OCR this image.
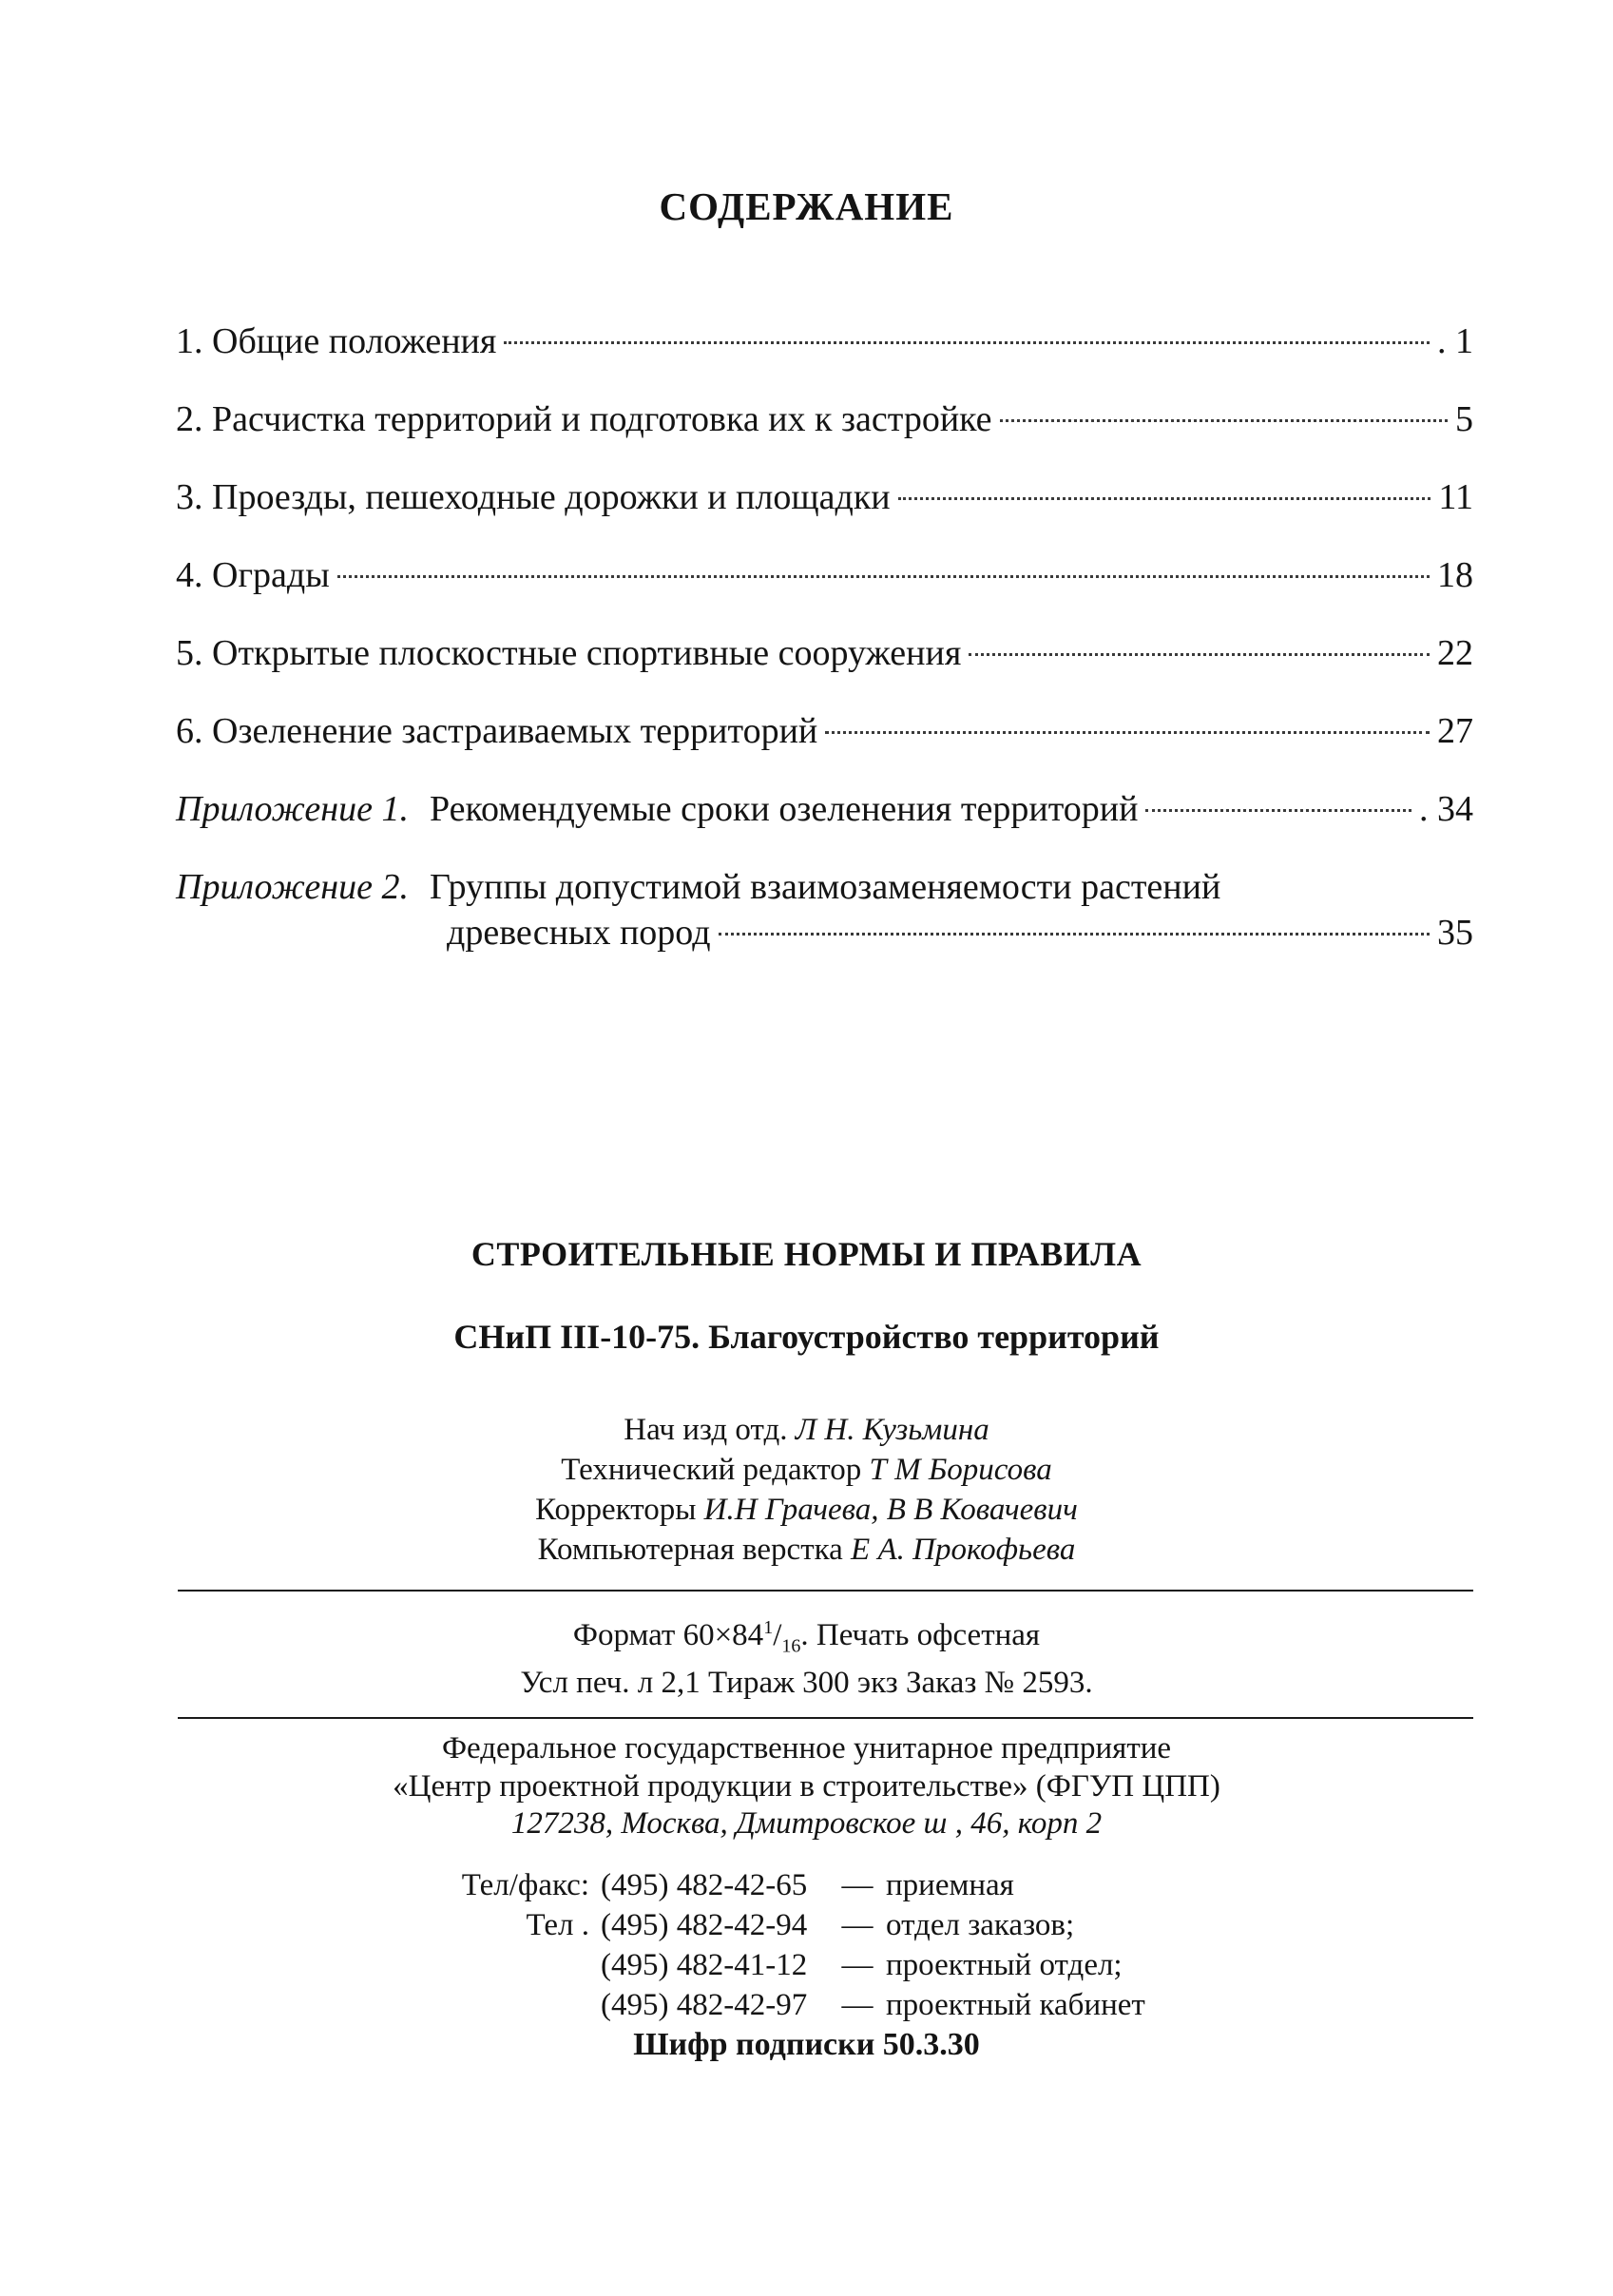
СОДЕРЖАНИЕ
1. Общие положения	. 1
2. Расчистка территорий и подготовка их к застройке	5
3. Проезды, пешеходные дорожки и площадки	11
4. Ограды	18
5. Открытые плоскостные спортивные сооружения	22
6. Озеленение застраиваемых территорий	27
Приложение 1. Рекомендуемые сроки озеленения территорий	. 34
Приложение 2. Группы допустимой взаимозаменяемости растений
древесных пород	35
СТРОИТЕЛЬНЫЕ НОРМЫ И ПРАВИЛА
СНиП III-10-75. Благоустройство территорий
Нач изд отд. Л Н. Кузьмина
Технический редактор Т М Борисова
Корректоры И.Н Грачева, В В Ковачевич
Компьютерная верстка Е А. Прокофьева
Формат $60\times 84^1/_{16}$. Печать офсетная
Усл печ. л 2,1 Тираж 300 экз Заказ № 2593.
Федеральное государственное унитарное предприятие
«Центр проектной продукции в строительстве» (ФГУП ЦПП)
127238, Москва, Дмитровское ш , 46, корп 2
Тел/факс: (495) 482-42-65	— приемная
Тел . (495) 482-42-94	— отдел заказов;
(495) 482-41-12	— проектный отдел;
(495) 482-42-97	— проектный кабинет
Шифр подписки 50.3.30
